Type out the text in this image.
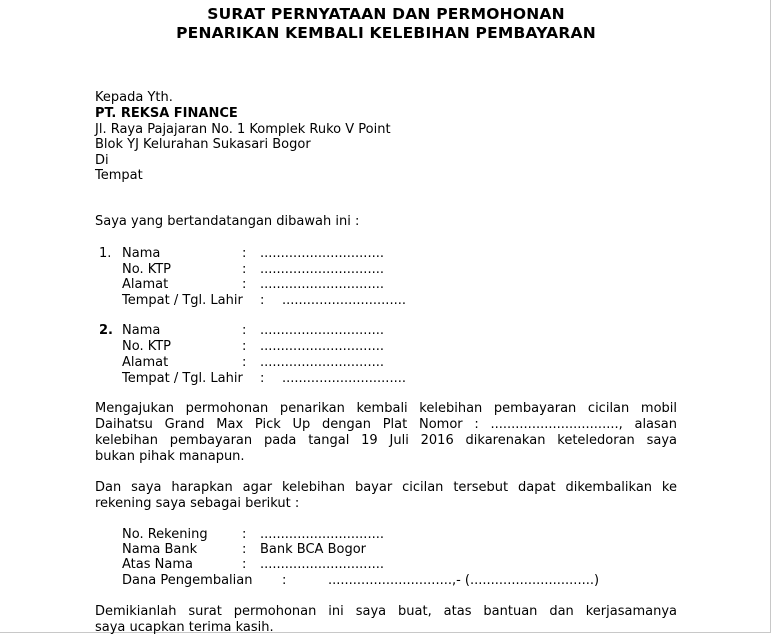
SURAT PERNYATAAN DAN PERMOHONAN
PENARIKAN KEMBALI KELEBIHAN PEMBAYARAN
Kepada Yth.
PT. REKSA FINANCE
Jl. Raya Pajajaran No. 1 Komplek Ruko V Point
Blok YJ Kelurahan Sukasari Bogor
Di
Tempat
Saya yang bertandatangan dibawah ini :
1. Nama	: ..............................
No. KTP	: ..............................
Alamat	: ..............................
Tempat / Tgl. Lahir : ..............................
2. Nama	: ..............................
No. KTP	: ..............................
Alamat	: ..............................
Tempat / Tgl. Lahir : ..............................
Mengajukan permohonan penarikan kembali kelebihan pembayaran cicilan mobil
Daihatsu Grand Max Pick Up dengan Plat Nomor : ..............................., alasan
kelebihan pembayaran pada tangal 19 Juli 2016 dikarenakan keteledoran saya
bukan pihak manapun.
Dan saya harapkan agar kelebihan bayar cicilan tersebut dapat dikembalikan ke
rekening saya sebagai berikut :
No. Rekening	: ..............................
Nama Bank	: Bank BCA Bogor
Atas Nama	: ..............................
Dana Pengembalian :	..............................,- (..............................)
Demikianlah surat permohonan ini saya buat, atas bantuan dan kerjasamanya
saya ucapkan terima kasih.
